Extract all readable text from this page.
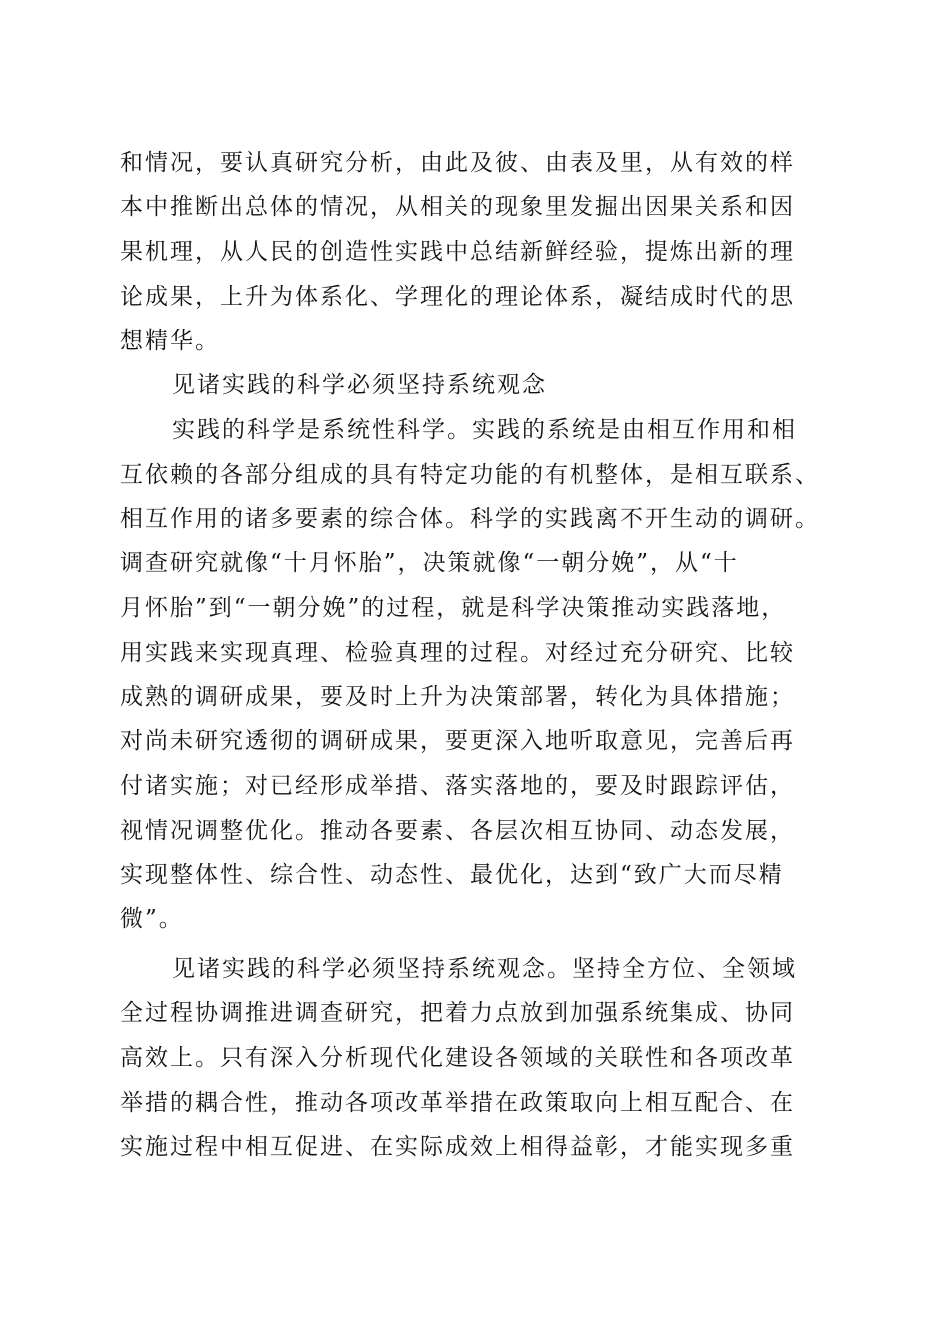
和情况，要认真研究分析，由此及彼、由表及里，从有效的样
本中推断出总体的情况，从相关的现象里发掘出因果关系和因
果机理，从人民的创造性实践中总结新鲜经验，提炼出新的理
论成果，上升为体系化、学理化的理论体系，凝结成时代的思
想精华。
见诸实践的科学必须坚持系统观念
实践的科学是系统性科学。实践的系统是由相互作用和相
互依赖的各部分组成的具有特定功能的有机整体，是相互联系、
相互作用的诸多要素的综合体。科学的实践离不开生动的调研。
调查研究就像“十月怀胎”，决策就像“一朝分娩”，从“十
月怀胎”到“一朝分娩”的过程，就是科学决策推动实践落地，
用实践来实现真理、检验真理的过程。对经过充分研究、比较
成熟的调研成果，要及时上升为决策部署，转化为具体措施；
对尚未研究透彻的调研成果，要更深入地听取意见，完善后再
付诸实施；对已经形成举措、落实落地的，要及时跟踪评估，
视情况调整优化。推动各要素、各层次相互协同、动态发展，
实现整体性、综合性、动态性、最优化，达到“致广大而尽精
微”。
见诸实践的科学必须坚持系统观念。坚持全方位、全领域
全过程协调推进调查研究，把着力点放到加强系统集成、协同
高效上。只有深入分析现代化建设各领域的关联性和各项改革
举措的耦合性，推动各项改革举措在政策取向上相互配合、在
实施过程中相互促进、在实际成效上相得益彰，才能实现多重
